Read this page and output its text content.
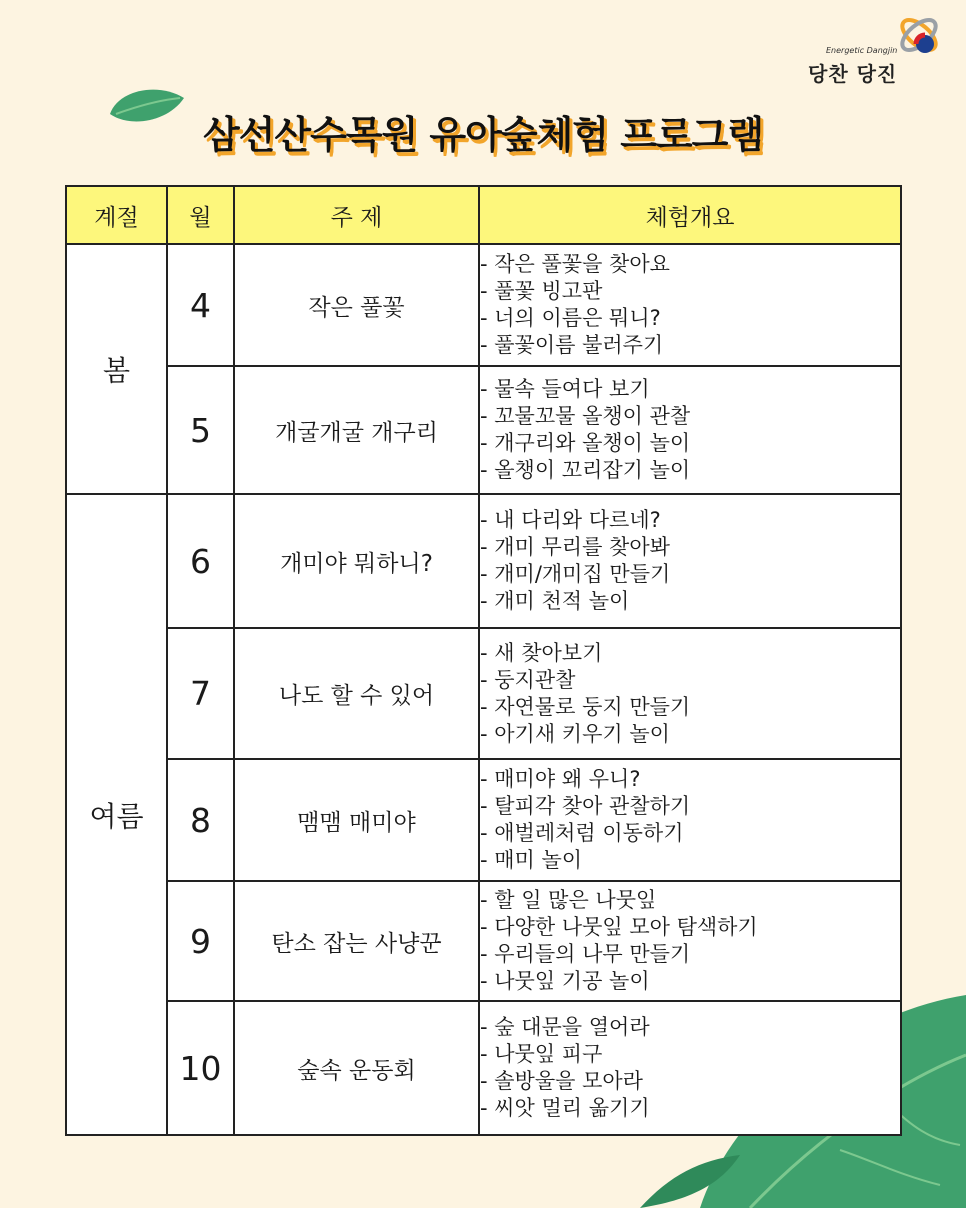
Energetic Dangjin
당찬 당진
삼선산수목원 유아숲체험 프로그램
계절	월	주 제	체험개요
봄	4	작은 풀꽃	- 작은 풀꽃을 찾아요
- 풀꽃 빙고판
- 너의 이름은 뭐니?
- 풀꽃이름 불러주기

	5	개굴개굴 개구리	- 물속 들여다 보기
- 꼬물꼬물 올챙이 관찰
- 개구리와 올챙이 놀이
- 올챙이 꼬리잡기 놀이

여름	6	개미야 뭐하니?	- 내 다리와 다르네?
- 개미 무리를 찾아봐
- 개미/개미집 만들기
- 개미 천적 놀이

	7	나도 할 수 있어	- 새 찾아보기
- 둥지관찰
- 자연물로 둥지 만들기
- 아기새 키우기 놀이

	8	맴맴 매미야	- 매미야 왜 우니?
- 탈피각 찾아 관찰하기
- 애벌레처럼 이동하기
- 매미 놀이

	9	탄소 잡는 사냥꾼	- 할 일 많은 나뭇잎
- 다양한 나뭇잎 모아 탐색하기
- 우리들의 나무 만들기
- 나뭇잎 기공 놀이

	10	숲속 운동회	- 숲 대문을 열어라
- 나뭇잎 피구
- 솔방울을 모아라
- 씨앗 멀리 옮기기
